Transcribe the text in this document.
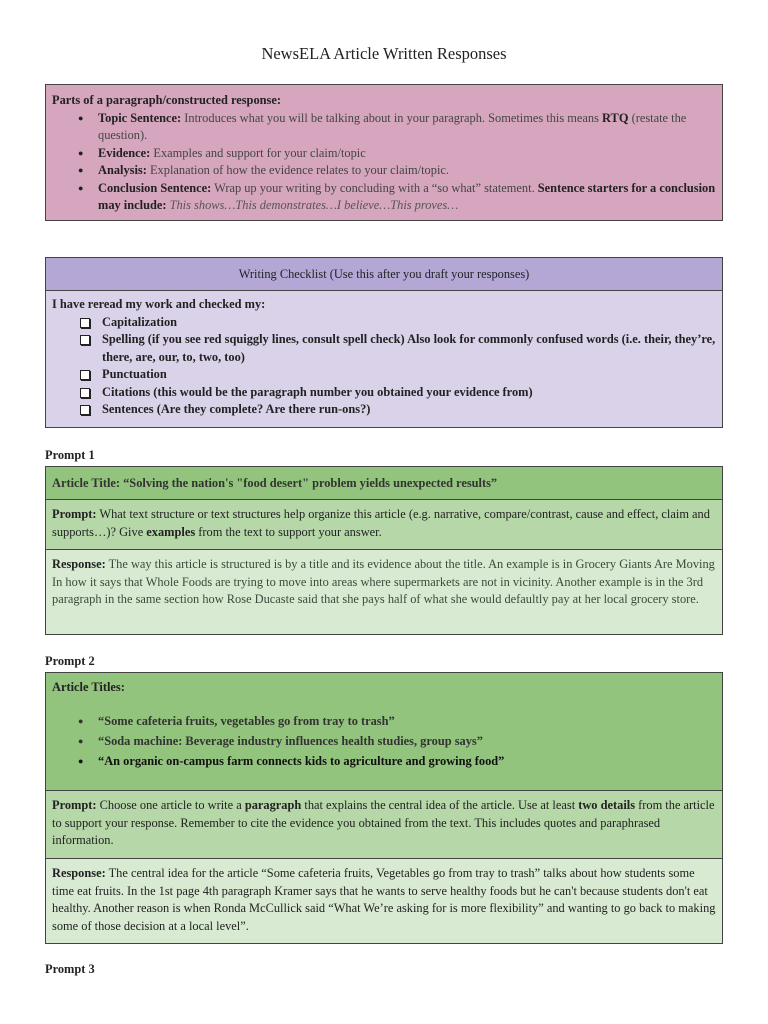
NewsELA Article Written Responses
Parts of a paragraph/constructed response:
● Topic Sentence: Introduces what you will be talking about in your paragraph. Sometimes this means RTQ (restate the question).
● Evidence: Examples and support for your claim/topic
● Analysis: Explanation of how the evidence relates to your claim/topic.
● Conclusion Sentence: Wrap up your writing by concluding with a “so what” statement. Sentence starters for a conclusion may include: This shows…This demonstrates…I believe…This proves…
Writing Checklist (Use this after you draft your responses)
I have reread my work and checked my:
Capitalization
Spelling (if you see red squiggly lines, consult spell check) Also look for commonly confused words (i.e. their, they’re, there, are, our, to, two, too)
Punctuation
Citations (this would be the paragraph number you obtained your evidence from)
Sentences (Are they complete? Are there run-ons?)
Prompt 1
Article Title: “Solving the nation's "food desert" problem yields unexpected results”
Prompt: What text structure or text structures help organize this article (e.g. narrative, compare/contrast, cause and effect, claim and supports…)? Give examples from the text to support your answer.
Response: The way this article is structured is by a title and its evidence about the title. An example is in Grocery Giants Are Moving In how it says that Whole Foods are trying to move into areas where supermarkets are not in vicinity. Another example is in the 3rd paragraph in the same section how Rose Ducaste said that she pays half of what she would defaultly pay at her local grocery store.
Prompt 2
Article Titles:
● “Some cafeteria fruits, vegetables go from tray to trash”
● “Soda machine: Beverage industry influences health studies, group says”
● “An organic on-campus farm connects kids to agriculture and growing food”
Prompt: Choose one article to write a paragraph that explains the central idea of the article. Use at least two details from the article to support your response. Remember to cite the evidence you obtained from the text. This includes quotes and paraphrased information.
Response: The central idea for the article “Some cafeteria fruits, Vegetables go from tray to trash” talks about how students some time eat fruits. In the 1st page 4th paragraph Kramer says that he wants to serve healthy foods but he can't because students don't eat healthy. Another reason is when Ronda McCullick said “What We’re asking for is more flexibility” and wanting to go back to making some of those decision at a local level”.
Prompt 3
